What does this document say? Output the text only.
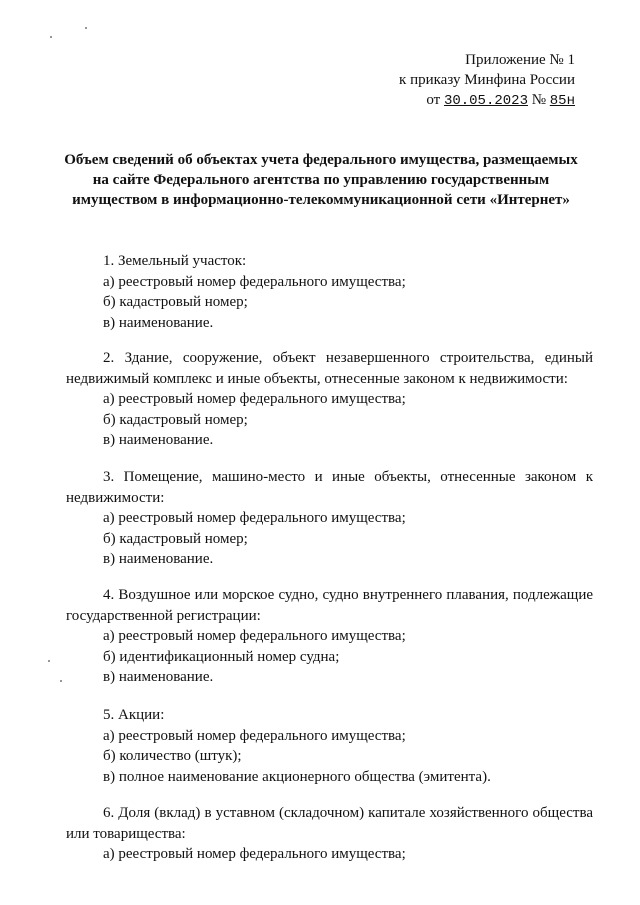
Приложение № 1
к приказу Минфина России
от 30.05.2023 № 85н
Объем сведений об объектах учета федерального имущества, размещаемых на сайте Федерального агентства по управлению государственным имуществом в информационно-телекоммуникационной сети «Интернет»
1. Земельный участок:
а) реестровый номер федерального имущества;
б) кадастровый номер;
в) наименование.
2. Здание, сооружение, объект незавершенного строительства, единый недвижимый комплекс и иные объекты, отнесенные законом к недвижимости:
а) реестровый номер федерального имущества;
б) кадастровый номер;
в) наименование.
3. Помещение, машино-место и иные объекты, отнесенные законом к недвижимости:
а) реестровый номер федерального имущества;
б) кадастровый номер;
в) наименование.
4. Воздушное или морское судно, судно внутреннего плавания, подлежащие государственной регистрации:
а) реестровый номер федерального имущества;
б) идентификационный номер судна;
в) наименование.
5. Акции:
а) реестровый номер федерального имущества;
б) количество (штук);
в) полное наименование акционерного общества (эмитента).
6. Доля (вклад) в уставном (складочном) капитале хозяйственного общества или товарищества:
а) реестровый номер федерального имущества;
